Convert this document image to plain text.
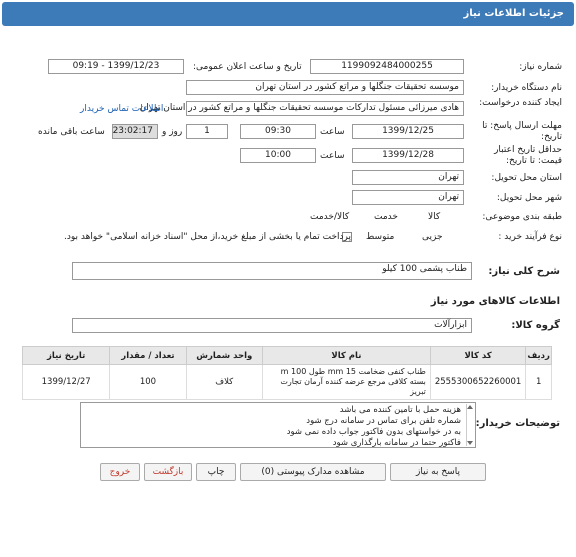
جزئیات اطلاعات نیاز
شماره نیاز:
1199092484000255
تاریخ و ساعت اعلان عمومی:
1399/12/23 - 09:19
نام دستگاه خریدار:
موسسه تحقیقات جنگلها و مراتع کشور در استان تهران
ایجاد کننده درخواست:
هادی میرزائی مسئول تدارکات موسسه تحقیقات جنگلها و مراتع کشور در استان تهران
اطلاعات تماس خریدار
مهلت ارسال پاسخ: تا تاریخ:
1399/12/25
ساعت
09:30
1
روز و
23:02:17
ساعت باقی مانده
حداقل تاریخ اعتبار قیمت: تا تاریخ:
1399/12/28
ساعت
10:00
استان محل تحویل:
تهران
شهر محل تحویل:
تهران
طبقه بندی موضوعی:

کالا

خدمت

کالا/خدمت
نوع فرآیند خرید :

جزیی
متوسط
پرداخت تمام یا بخشی از مبلغ خرید،از محل "اسناد خزانه اسلامی" خواهد بود.
شرح کلی نیاز:
طناب پشمی 100 کیلو
اطلاعات کالاهای مورد نیاز
گروه کالا:
ابزارآلات
ردیف	کد کالا	نام کالا	واحد شمارش	تعداد / مقدار	تاریخ نیاز
1	2555300652260001	طناب کنفی ضخامت mm 15 طول m 100 بسته کلافی مرجع عرضه کننده آرمان تجارت تبریز	کلاف	100	1399/12/27
توضیحات خریدار:
هزینه حمل با تامین کننده می باشد
شماره تلفن برای تماس در سامانه درج شود
به در خواستهای بدون فاکتور جواب داده نمی شود
فاکتور حتما در سامانه بارگذاری شود
پاسخ به نیاز
مشاهده مدارک پیوستی (0)
چاپ
بازگشت
خروج
